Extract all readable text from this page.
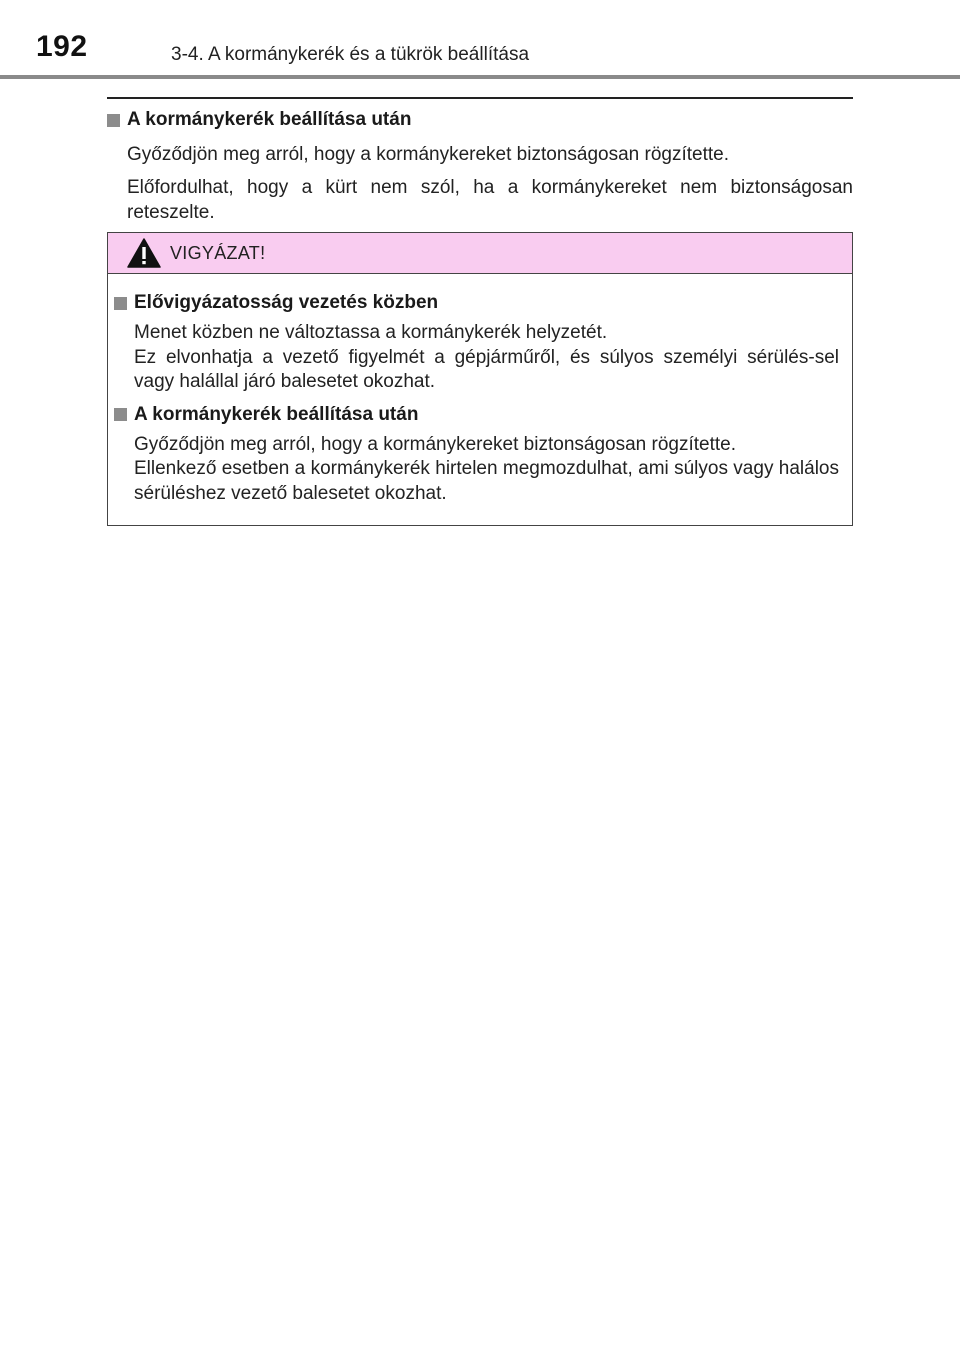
192	3-4. A kormánykerék és a tükrök beállítása
A kormánykerék beállítása után

Győződjön meg arról, hogy a kormánykereket biztonságosan rögzítette.

Előfordulhat, hogy a kürt nem szól, ha a kormánykereket nem biztonságosan reteszelte.

VIGYÁZAT!
Elővigyázatosság vezetés közben

Menet közben ne változtassa a kormánykerék helyzetét.
Ez elvonhatja a vezető figyelmét a gépjárműről, és súlyos személyi sérülés-sel vagy halállal járó balesetet okozhat.

A kormánykerék beállítása után

Győződjön meg arról, hogy a kormánykereket biztonságosan rögzítette.
Ellenkező esetben a kormánykerék hirtelen megmozdulhat, ami súlyos vagy halálos sérüléshez vezető balesetet okozhat.
